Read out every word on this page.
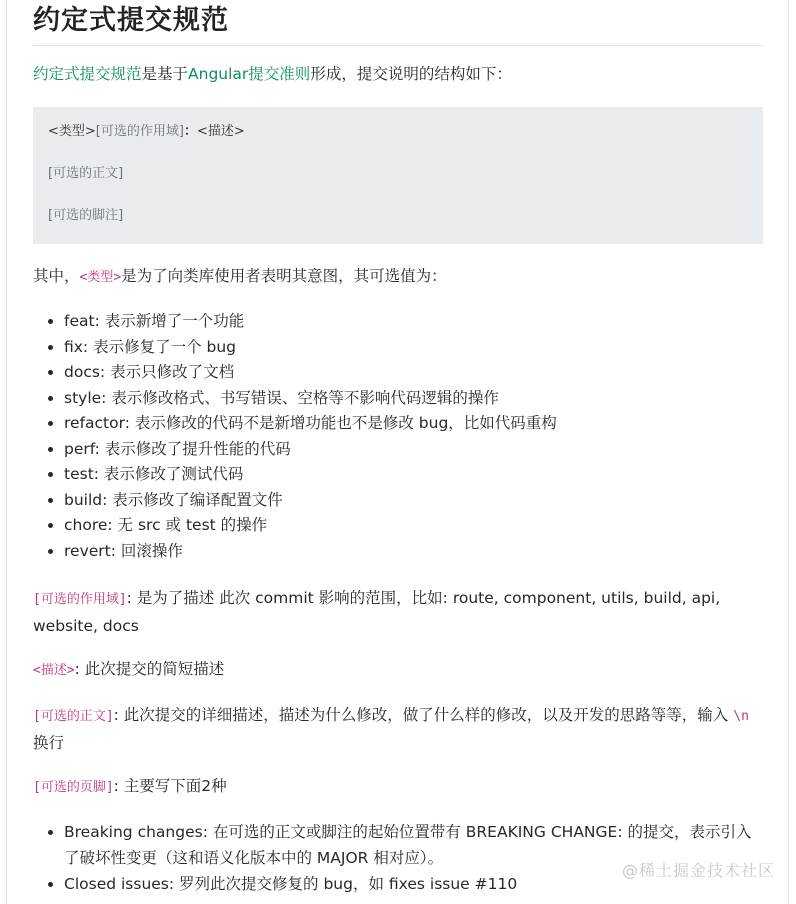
约定式提交规范
约定式提交规范是基于Angular提交准则形成，提交说明的结构如下：
<类型>[可选的作用域]：<描述>
[可选的正文]
[可选的脚注]
其中，<类型>是为了向类库使用者表明其意图，其可选值为：
• feat: 表示新增了一个功能
• fix: 表示修复了一个 bug
• docs: 表示只修改了文档
• style: 表示修改格式、书写错误、空格等不影响代码逻辑的操作
• refactor: 表示修改的代码不是新增功能也不是修改 bug，比如代码重构
• perf: 表示修改了提升性能的代码
• test: 表示修改了测试代码
• build: 表示修改了编译配置文件
• chore: 无 src 或 test 的操作
• revert: 回滚操作
[可选的作用域]: 是为了描述 此次 commit 影响的范围，比如: route, component, utils, build, api, website, docs
<描述>: 此次提交的简短描述
[可选的正文]: 此次提交的详细描述，描述为什么修改，做了什么样的修改，以及开发的思路等等，输入 \n 换行
[可选的页脚]: 主要写下面2种
• Breaking changes: 在可选的正文或脚注的起始位置带有 BREAKING CHANGE: 的提交，表示引入了破坏性变更（这和语义化版本中的 MAJOR 相对应）。
• Closed issues: 罗列此次提交修复的 bug，如 fixes issue #110
@稀土掘金技术社区
